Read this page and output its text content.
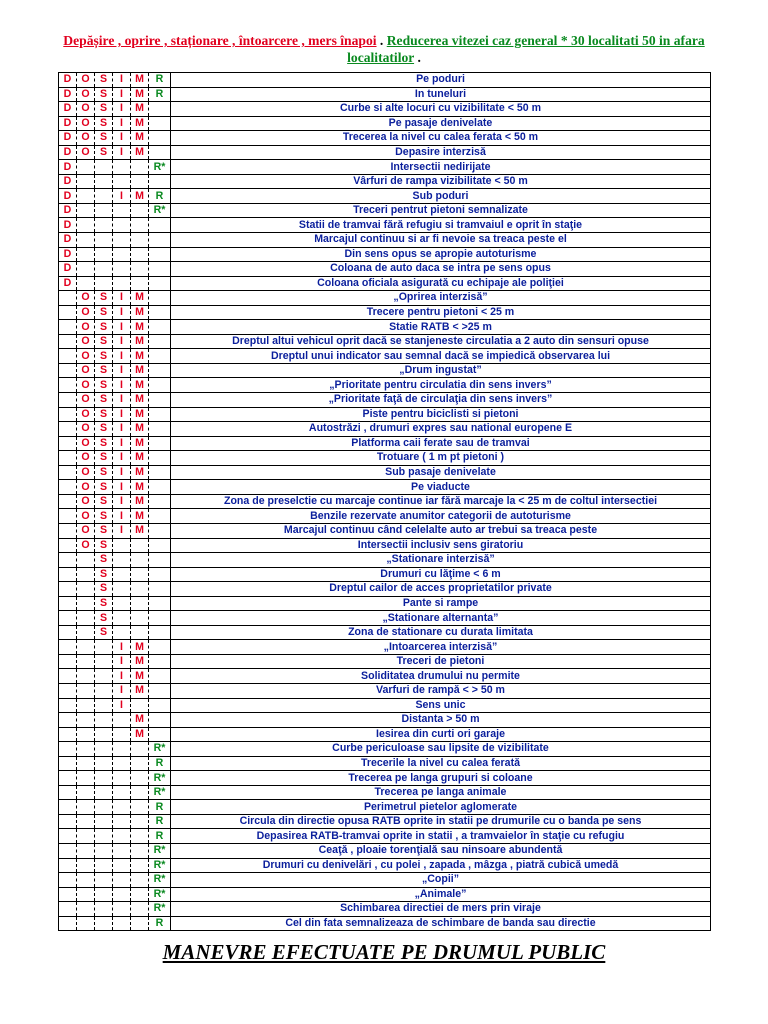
Depășire , oprire , staționare , întoarcere , mers înapoi . Reducerea vitezei caz general * 30 localitati 50 in afara
localitatilor .
D	O	S	I	M	R	Pe poduri
D	O	S	I	M	R	In tuneluri
D	O	S	I	M		Curbe si alte locuri cu vizibilitate < 50 m
D	O	S	I	M		Pe pasaje denivelate
D	O	S	I	M		Trecerea la nivel cu calea ferata < 50 m
D	O	S	I	M		Depasire interzisă
D					R*	Intersectii nedirijate
D						Vârfuri de rampa vizibilitate < 50 m
D			I	M	R	Sub poduri
D					R*	Treceri pentrut pietoni semnalizate
D						Statii de tramvai fără refugiu si tramvaiul e oprit în staţie
D						Marcajul continuu si ar fi nevoie sa treaca peste el
D						Din sens opus se apropie autoturisme
D						Coloana de auto daca se intra pe sens opus
D						Coloana oficiala asigurată cu echipaje ale poliţiei
	O	S	I	M		„Oprirea interzisă”
	O	S	I	M		Trecere pentru pietoni < 25 m
	O	S	I	M		Statie RATB < >25 m
	O	S	I	M		Dreptul altui vehicul oprit dacă se stanjeneste circulatia a 2 auto din sensuri opuse
	O	S	I	M		Dreptul unui indicator sau semnal dacă se impiedică observarea lui
	O	S	I	M		„Drum ingustat”
	O	S	I	M		„Prioritate pentru circulatia din sens invers”
	O	S	I	M		„Prioritate faţă de circulaţia din sens invers”
	O	S	I	M		Piste pentru biciclisti si pietoni
	O	S	I	M		Autostrăzi , drumuri expres sau national europene E
	O	S	I	M		Platforma caii ferate sau de tramvai
	O	S	I	M		Trotuare ( 1 m pt pietoni )
	O	S	I	M		Sub pasaje denivelate
	O	S	I	M		Pe viaducte
	O	S	I	M		Zona de preselctie cu marcaje continue iar fără marcaje la < 25 m de coltul intersectiei
	O	S	I	M		Benzile rezervate anumitor categorii de autoturisme
	O	S	I	M		Marcajul continuu când celelalte auto ar trebui sa treaca peste
	O	S				Intersectii inclusiv sens giratoriu
		S				„Stationare interzisă”
		S				Drumuri cu lăţime < 6 m
		S				Dreptul cailor de acces proprietatilor private
		S				Pante si rampe
		S				„Stationare alternanta”
		S				Zona de stationare cu durata limitata
			I	M		„Intoarcerea interzisă”
			I	M		Treceri de pietoni
			I	M		Soliditatea drumului nu permite
			I	M		Varfuri de rampă < > 50 m
			I			Sens unic
				M		Distanta > 50 m
				M		Iesirea din curti ori garaje
					R*	Curbe periculoase sau lipsite de vizibilitate
					R	Trecerile la nivel cu calea ferată
					R*	Trecerea pe langa grupuri si coloane
					R*	Trecerea pe langa animale
					R	Perimetrul pietelor aglomerate
					R	Circula din directie opusa RATB oprite in statii pe drumurile cu o banda pe sens
					R	Depasirea RATB-tramvai oprite in statii , a tramvaielor în staţie cu refugiu
					R*	Ceaţă , ploaie torenţială sau ninsoare abundentă
					R*	Drumuri cu denivelări , cu polei , zapada , mâzga , piatră cubică umedă
					R*	„Copii”
					R*	„Animale”
					R*	Schimbarea directiei de mers prin viraje
					R	Cel din fata semnalizeaza de schimbare de banda sau directie
MANEVRE EFECTUATE PE DRUMUL PUBLIC
